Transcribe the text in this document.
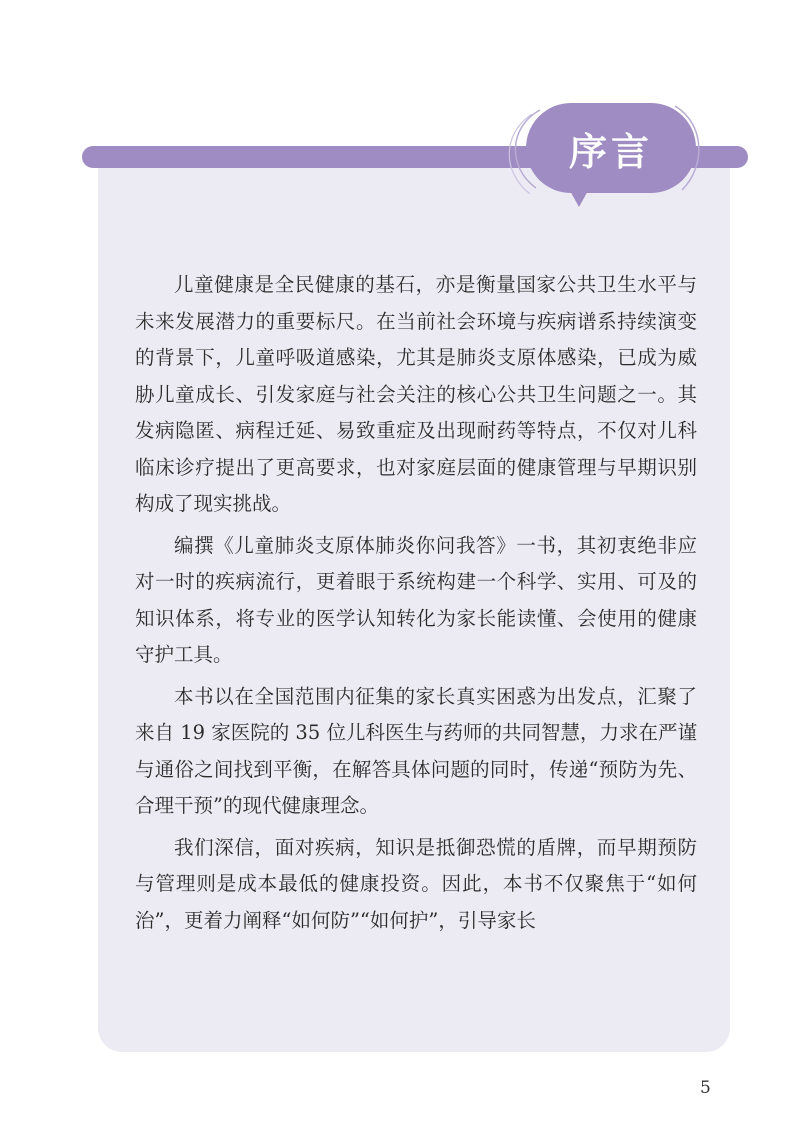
序言

儿童健康是全民健康的基石，亦是衡量国家公共卫生水平与未来发展潜力的重要标尺。在当前社会环境与疾病谱系持续演变的背景下，儿童呼吸道感染，尤其是肺炎支原体感染，已成为威胁儿童成长、引发家庭与社会关注的核心公共卫生问题之一。其发病隐匿、病程迁延、易致重症及出现耐药等特点，不仅对儿科临床诊疗提出了更高要求，也对家庭层面的健康管理与早期识别构成了现实挑战。

编撰《儿童肺炎支原体肺炎你问我答》一书，其初衷绝非应对一时的疾病流行，更着眼于系统构建一个科学、实用、可及的知识体系，将专业的医学认知转化为家长能读懂、会使用的健康守护工具。

本书以在全国范围内征集的家长真实困惑为出发点，汇聚了来自 19 家医院的 35 位儿科医生与药师的共同智慧，力求在严谨与通俗之间找到平衡，在解答具体问题的同时，传递“预防为先、合理干预”的现代健康理念。

我们深信，面对疾病，知识是抵御恐慌的盾牌，而早期预防与管理则是成本最低的健康投资。因此，本书不仅聚焦于“如何治”，更着力阐释“如何防”“如何护”，引导家长

5
